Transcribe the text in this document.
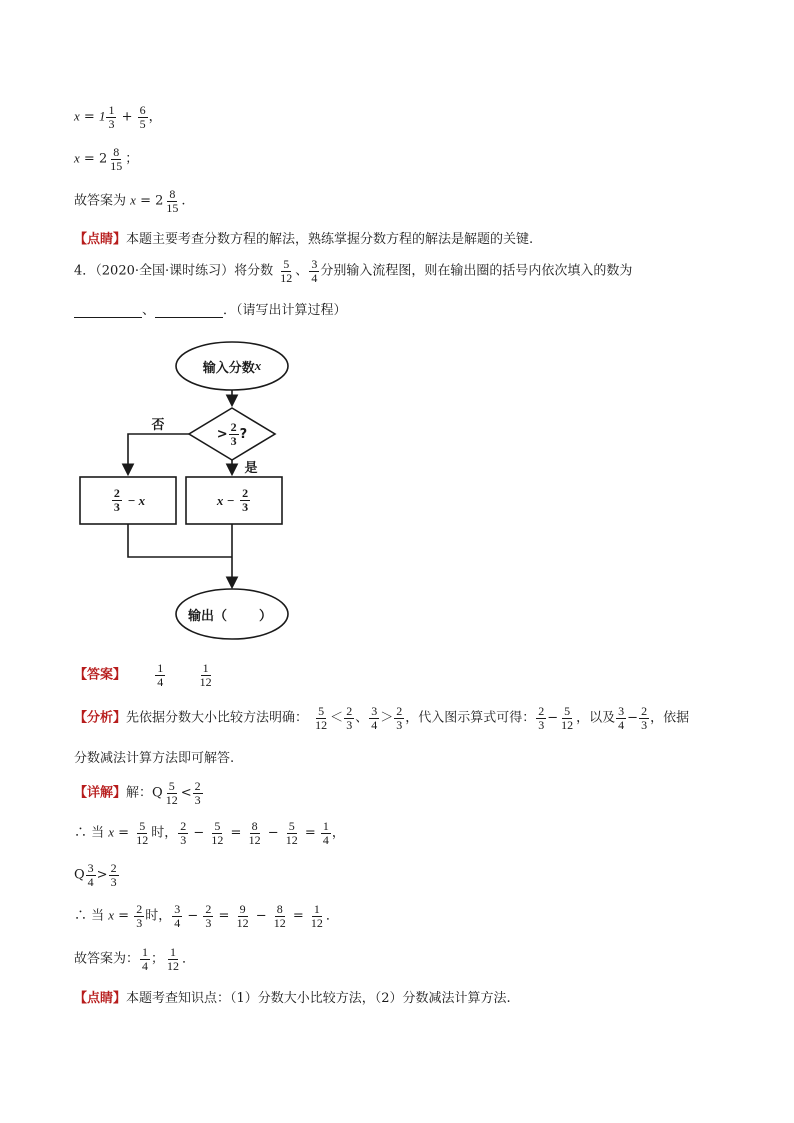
$x = 1 \frac{1}{3} + \frac{6}{5}$ ，
$x = 2 \frac{8}{15}$ ；
故答案为 $x = 2 \frac{8}{15}$ .
【点睛】本题主要考查分数方程的解法，熟练掌握分数方程的解法是解题的关键.
4．（2020·全国·课时练习）将分数 $\frac{5}{12}$ 、 $\frac{3}{4}$ 分别输入流程图，则在输出圈的括号内依次填入的数为
、	．（请写出计算过程）
输入分数 x
> $\frac{2}{3}$ ?
否
是
$\frac{2}{3}$
− x	x −
$\frac{2}{3}$
输出（ ）
【答案】 $\frac{1}{4}$
	$\frac{1}{12}$
【分析】先依据分数大小比较方法明确： $\frac{5}{12} < \frac{2}{3}$ 、 $\frac{3}{4} > \frac{2}{3}$ ，代入图示算式可得： $\frac{2}{3} - \frac{5}{12}$ ，以及 $\frac{3}{4} - \frac{2}{3}$ ，依据
分数减法计算方法即可解答.
【详解】解：Q $\frac{5}{12} < \frac{2}{3}$
∴ 当 $x = \frac{5}{12}$ 时， $\frac{2}{3} - \frac{5}{12} = \frac{8}{12} - \frac{5}{12} = \frac{1}{4}$ ，
Q $\frac{3}{4} > \frac{2}{3}$
∴ 当 $x = \frac{2}{3}$ 时， $\frac{3}{4} - \frac{2}{3} = \frac{9}{12} - \frac{8}{12} = \frac{1}{12}$ ．
故答案为： $\frac{1}{4}$ ； $\frac{1}{12}$ ．
【点睛】本题考查知识点：（1）分数大小比较方法，（2）分数减法计算方法.
